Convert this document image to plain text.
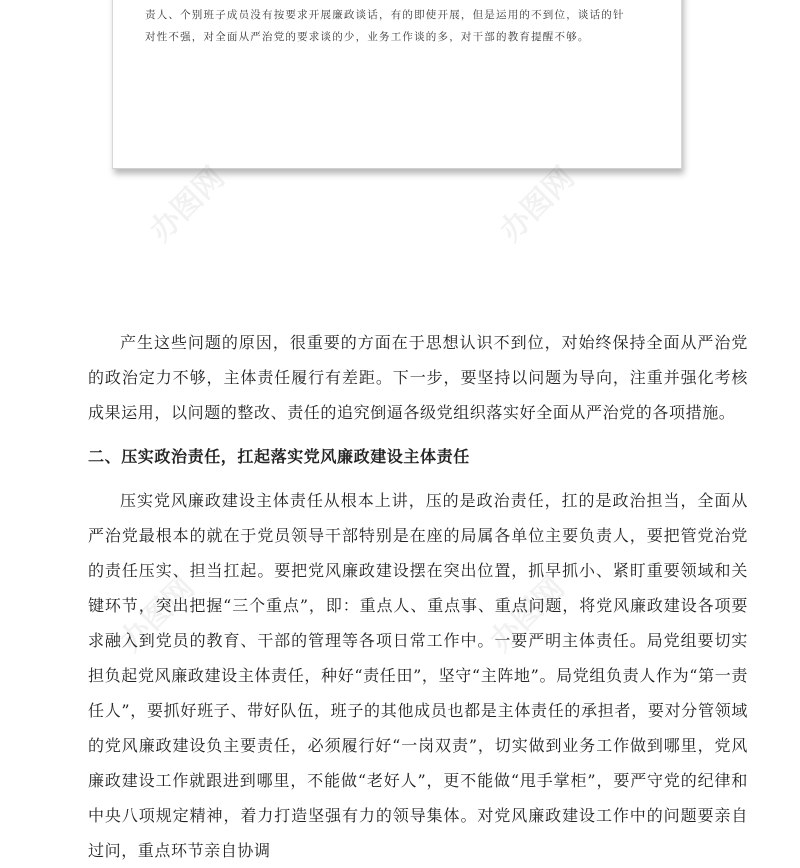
责人、个别班子成员没有按要求开展廉政谈话，有的即使开展，但是运用的不到位，谈话的针
对性不强，对全面从严治党的要求谈的少，业务工作谈的多，对干部的教育提醒不够。

办图网	办图网
办图网	办图网

产生这些问题的原因，很重要的方面在于思想认识不到位，对始终保持全面从严治党的政治定力不够，主体责任履行有差距。下一步，要坚持以问题为导向，注重并强化考核成果运用，以问题的整改、责任的追究倒逼各级党组织落实好全面从严治党的各项措施。

二、压实政治责任，扛起落实党风廉政建设主体责任

压实党风廉政建设主体责任从根本上讲，压的是政治责任，扛的是政治担当，全面从严治党最根本的就在于党员领导干部特别是在座的局属各单位主要负责人，要把管党治党的责任压实、担当扛起。要把党风廉政建设摆在突出位置，抓早抓小、紧盯重要领域和关键环节，突出把握“三个重点”，即：重点人、重点事、重点问题，将党风廉政建设各项要求融入到党员的教育、干部的管理等各项日常工作中。一要严明主体责任。局党组要切实担负起党风廉政建设主体责任，种好“责任田”，坚守“主阵地”。局党组负责人作为“第一责任人”，要抓好班子、带好队伍，班子的其他成员也都是主体责任的承担者，要对分管领域的党风廉政建设负主要责任，必须履行好“一岗双责”，切实做到业务工作做到哪里，党风廉政建设工作就跟进到哪里，不能做“老好人”，更不能做“甩手掌柜”，要严守党的纪律和中央八项规定精神，着力打造坚强有力的领导集体。对党风廉政建设工作中的问题要亲自过问，重点环节亲自协调
